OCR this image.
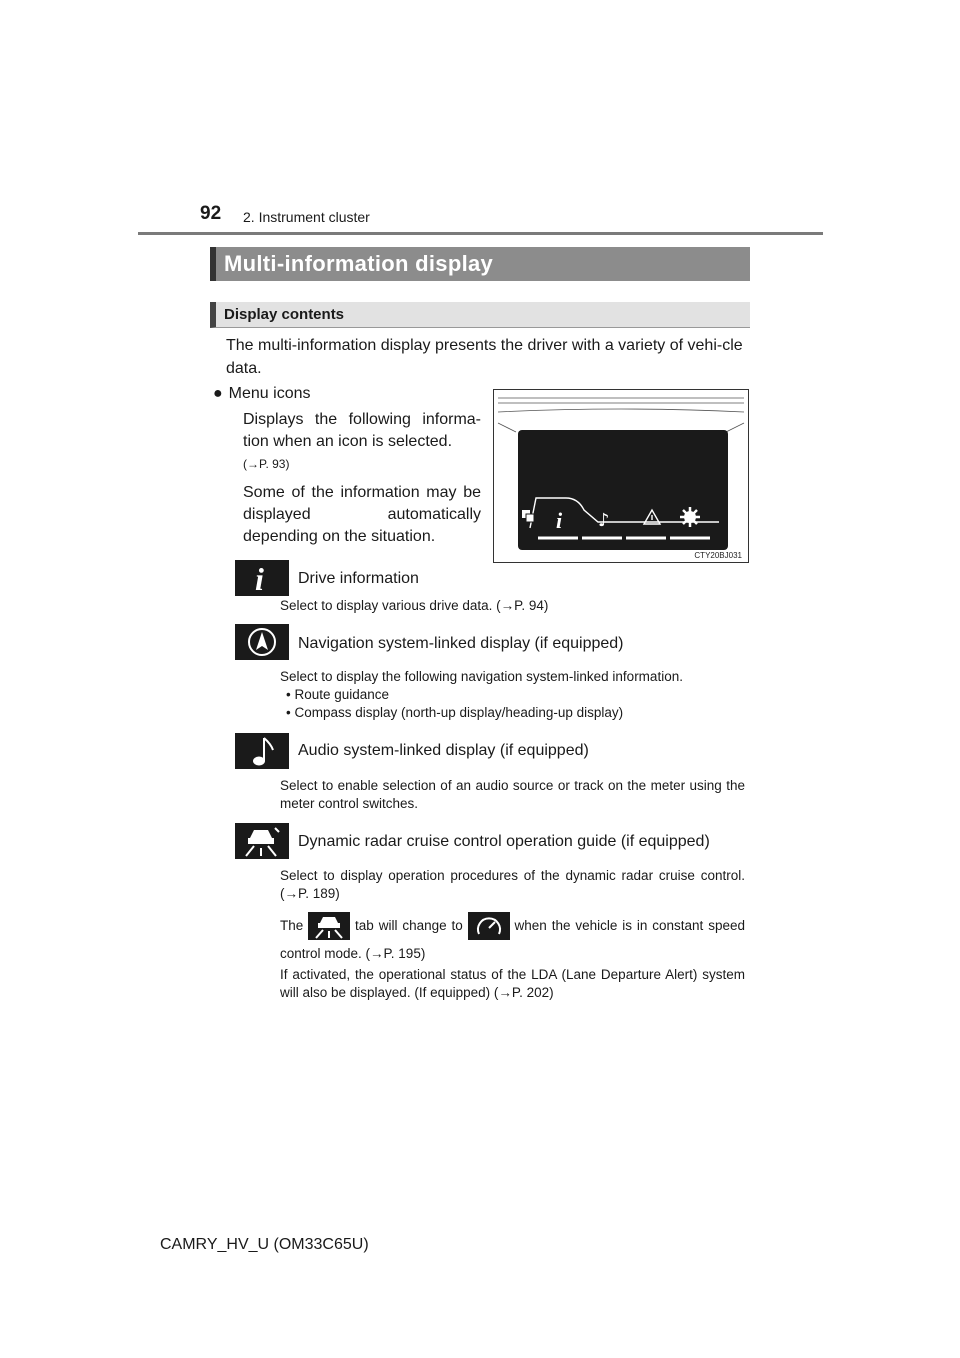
92 2. Instrument cluster
Multi-information display
Display contents
The multi-information display presents the driver with a variety of vehi-cle data.
● Menu icons
Displays the following informa-tion when an icon is selected.
(→P. 93)
Some of the information may be displayed automatically depending on the situation.
i ♪
CTY20BJ031
i Drive information
Select to display various drive data. (→P. 94)
Navigation system-linked display (if equipped)
Select to display the following navigation system-linked information.
• Route guidance
• Compass display (north-up display/heading-up display)
Audio system-linked display (if equipped)
Select to enable selection of an audio source or track on the meter using the meter control switches.
Dynamic radar cruise control operation guide (if equipped)
Select to display operation procedures of the dynamic radar cruise control. (→P. 189)
The	tab will change to	when the vehicle is in constant speed control mode. (→P. 195)
If activated, the operational status of the LDA (Lane Departure Alert) system will also be displayed. (If equipped) (→P. 202)
CAMRY_HV_U (OM33C65U)
